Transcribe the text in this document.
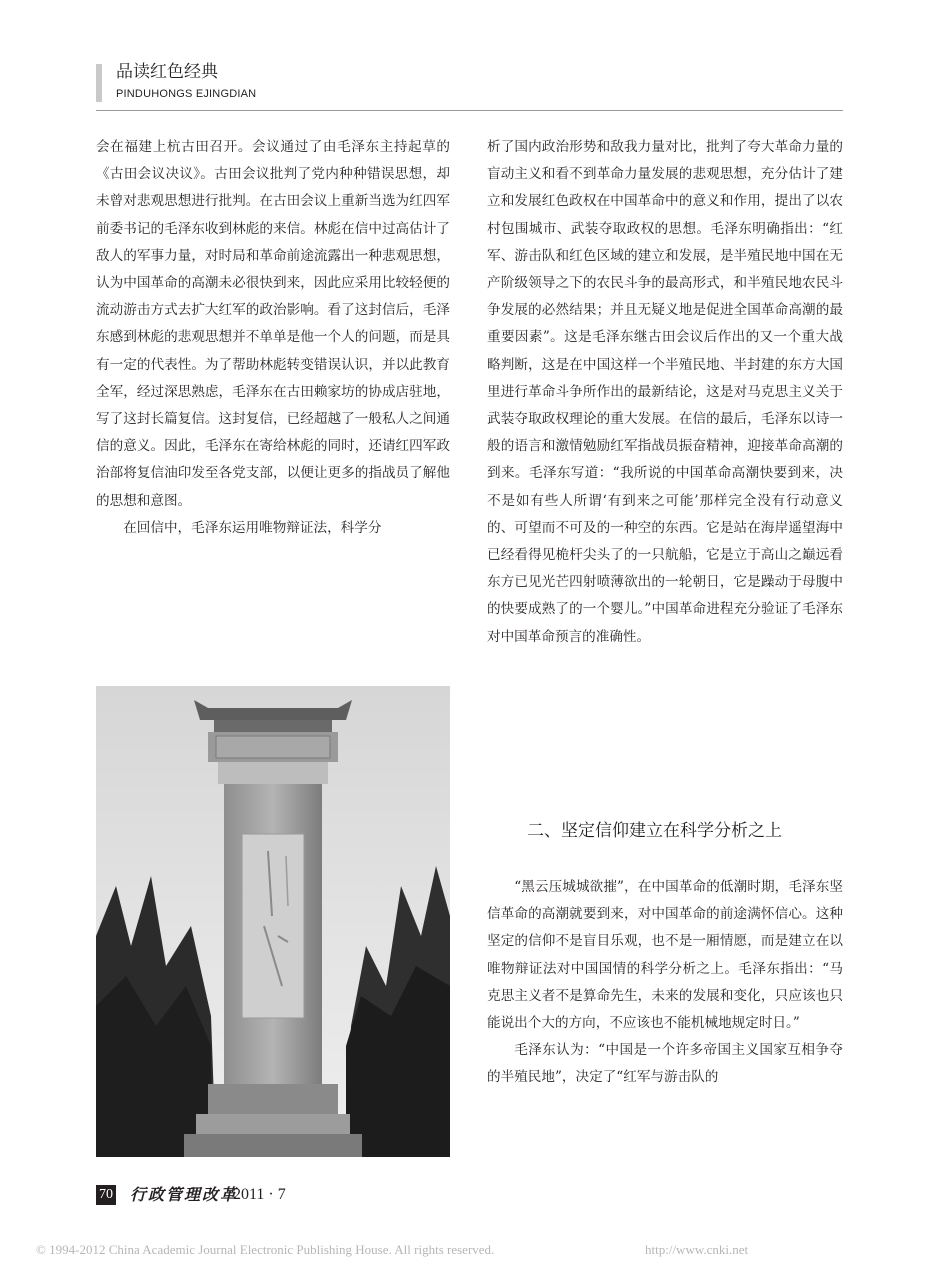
品读红色经典
PINDUHONGS EJINGDIAN

会在福建上杭古田召开。会议通过了由毛泽东主持起草的《古田会议决议》。古田会议批判了党内种种错误思想，却未曾对悲观思想进行批判。在古田会议上重新当选为红四军前委书记的毛泽东收到林彪的来信。林彪在信中过高估计了敌人的军事力量，对时局和革命前途流露出一种悲观思想，认为中国革命的高潮未必很快到来，因此应采用比较轻便的流动游击方式去扩大红军的政治影响。看了这封信后，毛泽东感到林彪的悲观思想并不单单是他一个人的问题，而是具有一定的代表性。为了帮助林彪转变错误认识，并以此教育全军，经过深思熟虑，毛泽东在古田赖家坊的协成店驻地，写了这封长篇复信。这封复信，已经超越了一般私人之间通信的意义。因此，毛泽东在寄给林彪的同时，还请红四军政治部将复信油印发至各党支部，以便让更多的指战员了解他的思想和意图。

在回信中，毛泽东运用唯物辩证法，科学分

析了国内政治形势和敌我力量对比，批判了夸大革命力量的盲动主义和看不到革命力量发展的悲观思想，充分估计了建立和发展红色政权在中国革命中的意义和作用，提出了以农村包围城市、武装夺取政权的思想。毛泽东明确指出：“红军、游击队和红色区域的建立和发展，是半殖民地中国在无产阶级领导之下的农民斗争的最高形式，和半殖民地农民斗争发展的必然结果；并且无疑义地是促进全国革命高潮的最重要因素”。这是毛泽东继古田会议后作出的又一个重大战略判断，这是在中国这样一个半殖民地、半封建的东方大国里进行革命斗争所作出的最新结论，这是对马克思主义关于武装夺取政权理论的重大发展。在信的最后，毛泽东以诗一般的语言和激情勉励红军指战员振奋精神，迎接革命高潮的到来。毛泽东写道：“我所说的中国革命高潮快要到来，决不是如有些人所谓‘有到来之可能’那样完全没有行动意义的、可望而不可及的一种空的东西。它是站在海岸遥望海中已经看得见桅杆尖头了的一只航船，它是立于高山之巅远看东方已见光芒四射喷薄欲出的一轮朝日，它是躁动于母腹中的快要成熟了的一个婴儿。”中国革命进程充分验证了毛泽东对中国革命预言的准确性。

二、坚定信仰建立在科学分析之上

“黑云压城城欲摧”，在中国革命的低潮时期，毛泽东坚信革命的高潮就要到来，对中国革命的前途满怀信心。这种坚定的信仰不是盲目乐观，也不是一厢情愿，而是建立在以唯物辩证法对中国国情的科学分析之上。毛泽东指出：“马克思主义者不是算命先生，未来的发展和变化，只应该也只能说出个大的方向，不应该也不能机械地规定时日。”

毛泽东认为：“中国是一个许多帝国主义国家互相争夺的半殖民地”，决定了“红军与游击队的

70 行政管理改革
2011 · 7
© 1994-2012 China Academic Journal Electronic Publishing House. All rights reserved.	http://www.cnki.net
